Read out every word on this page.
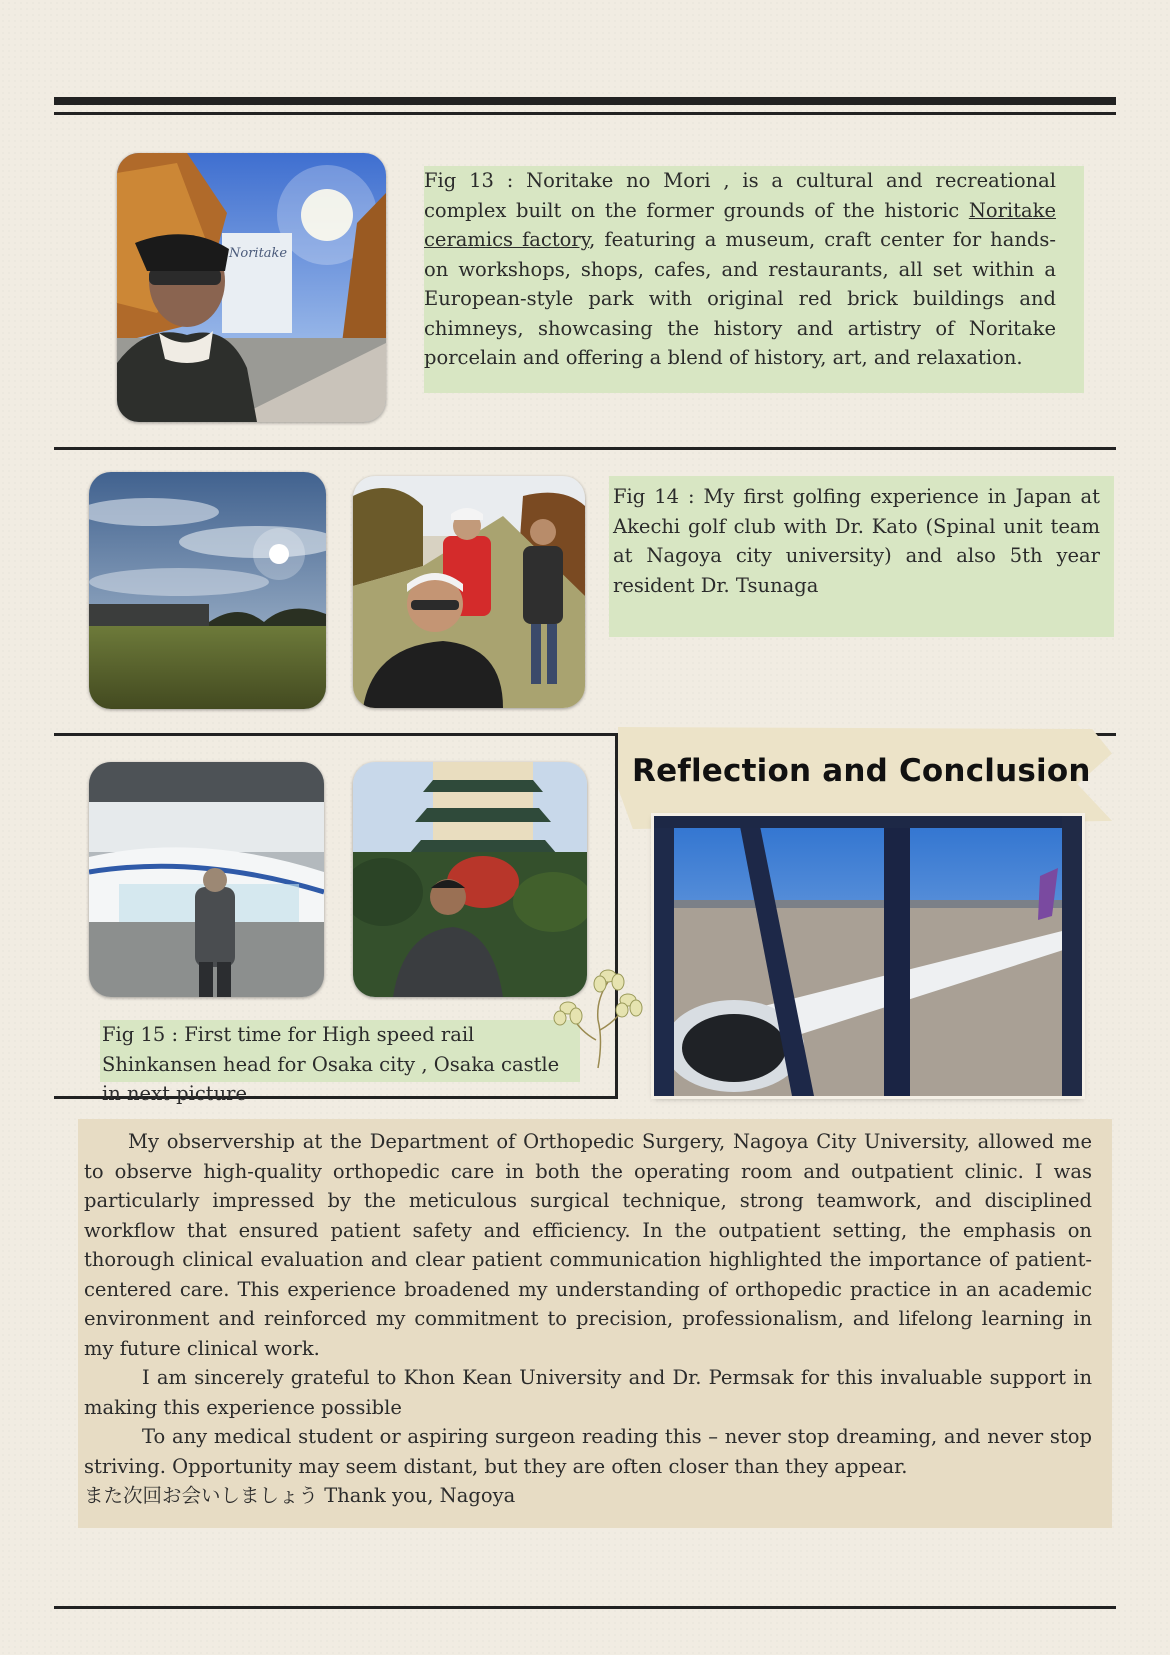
Noritake
Fig 13 : Noritake no Mori , is a cultural and recreational complex built on the former grounds of the historic Noritake ceramics factory, featuring a museum, craft center for hands-on workshops, shops, cafes, and restaurants, all set within a European-style park with original red brick buildings and chimneys, showcasing the history and artistry of Noritake porcelain and offering a blend of history, art, and relaxation.
Fig 14 : My first golfing experience in Japan at Akechi golf club with Dr. Kato (Spinal unit team at Nagoya city university) and also 5th year resident Dr. Tsunaga
Fig 15 : First time for High speed rail Shinkansen head for Osaka city , Osaka castle in next picture
Reflection and Conclusion

My observership at the Department of Orthopedic Surgery, Nagoya City University, allowed me to observe high-quality orthopedic care in both the operating room and outpatient clinic. I was particularly impressed by the meticulous surgical technique, strong teamwork, and disciplined workflow that ensured patient safety and efficiency. In the outpatient setting, the emphasis on thorough clinical evaluation and clear patient communication highlighted the importance of patient-centered care. This experience broadened my understanding of orthopedic practice in an academic environment and reinforced my commitment to precision, professionalism, and lifelong learning in my future clinical work.

I am sincerely grateful to Khon Kean University and Dr. Permsak for this invaluable support in making this experience possible

To any medical student or aspiring surgeon reading this – never stop dreaming, and never stop striving. Opportunity may seem distant, but they are often closer than they appear.

また次回お会いしましょう Thank you, Nagoya
